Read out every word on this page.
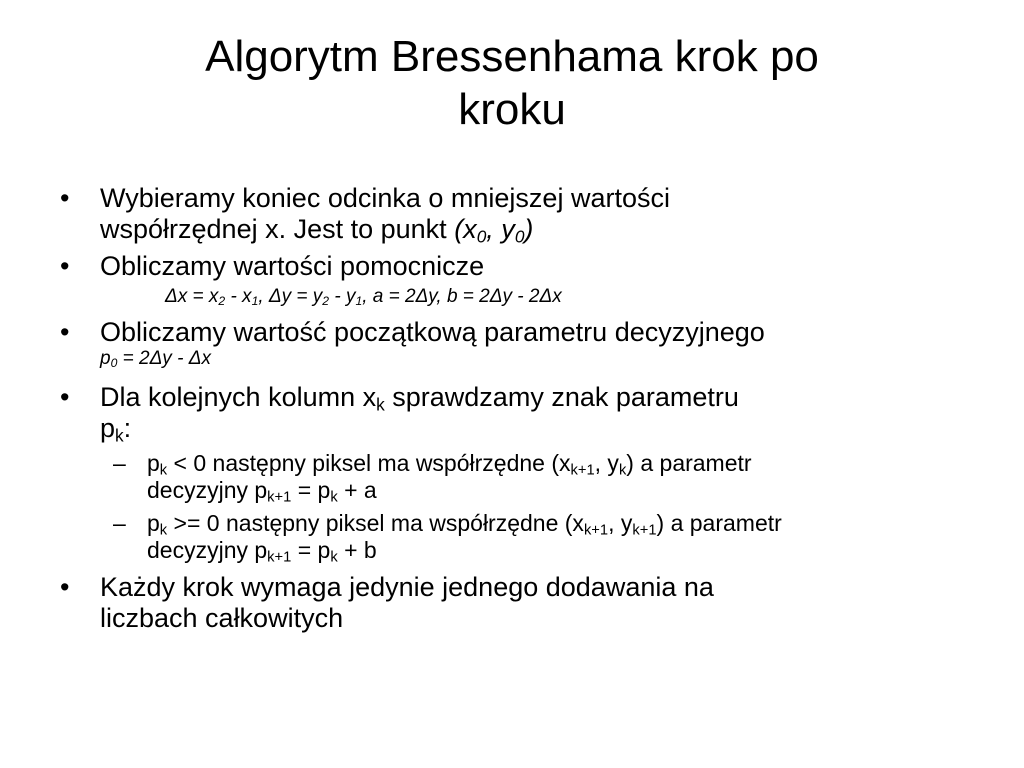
Algorytm Bressenhama krok po
kroku
• Wybieramy koniec odcinka o mniejszej wartości
współrzędnej x. Jest to punkt ($x_0$, $y_0$)
• Obliczamy wartości pomocnicze
$\Delta x = x_2 - x_1$, $\Delta y = y_2 - y_1$, a = 2Δy, b = 2Δy - 2Δx
• Obliczamy wartość początkową parametru decyzyjnego
$p_0 = 2\Delta y - \Delta x$
• Dla kolejnych kolumn $x_k$ sprawdzamy znak parametru
$p_k$:
– $p_k < 0$ następny piksel ma współrzędne ($x_{k+1}$, $y_k$) a parametr
decyzyjny $p_{k+1} = p_k + a$
– $p_k >= 0$ następny piksel ma współrzędne ($x_{k+1}$, $y_{k+1}$) a parametr
decyzyjny $p_{k+1} = p_k + b$
• Każdy krok wymaga jedynie jednego dodawania na
liczbach całkowitych
